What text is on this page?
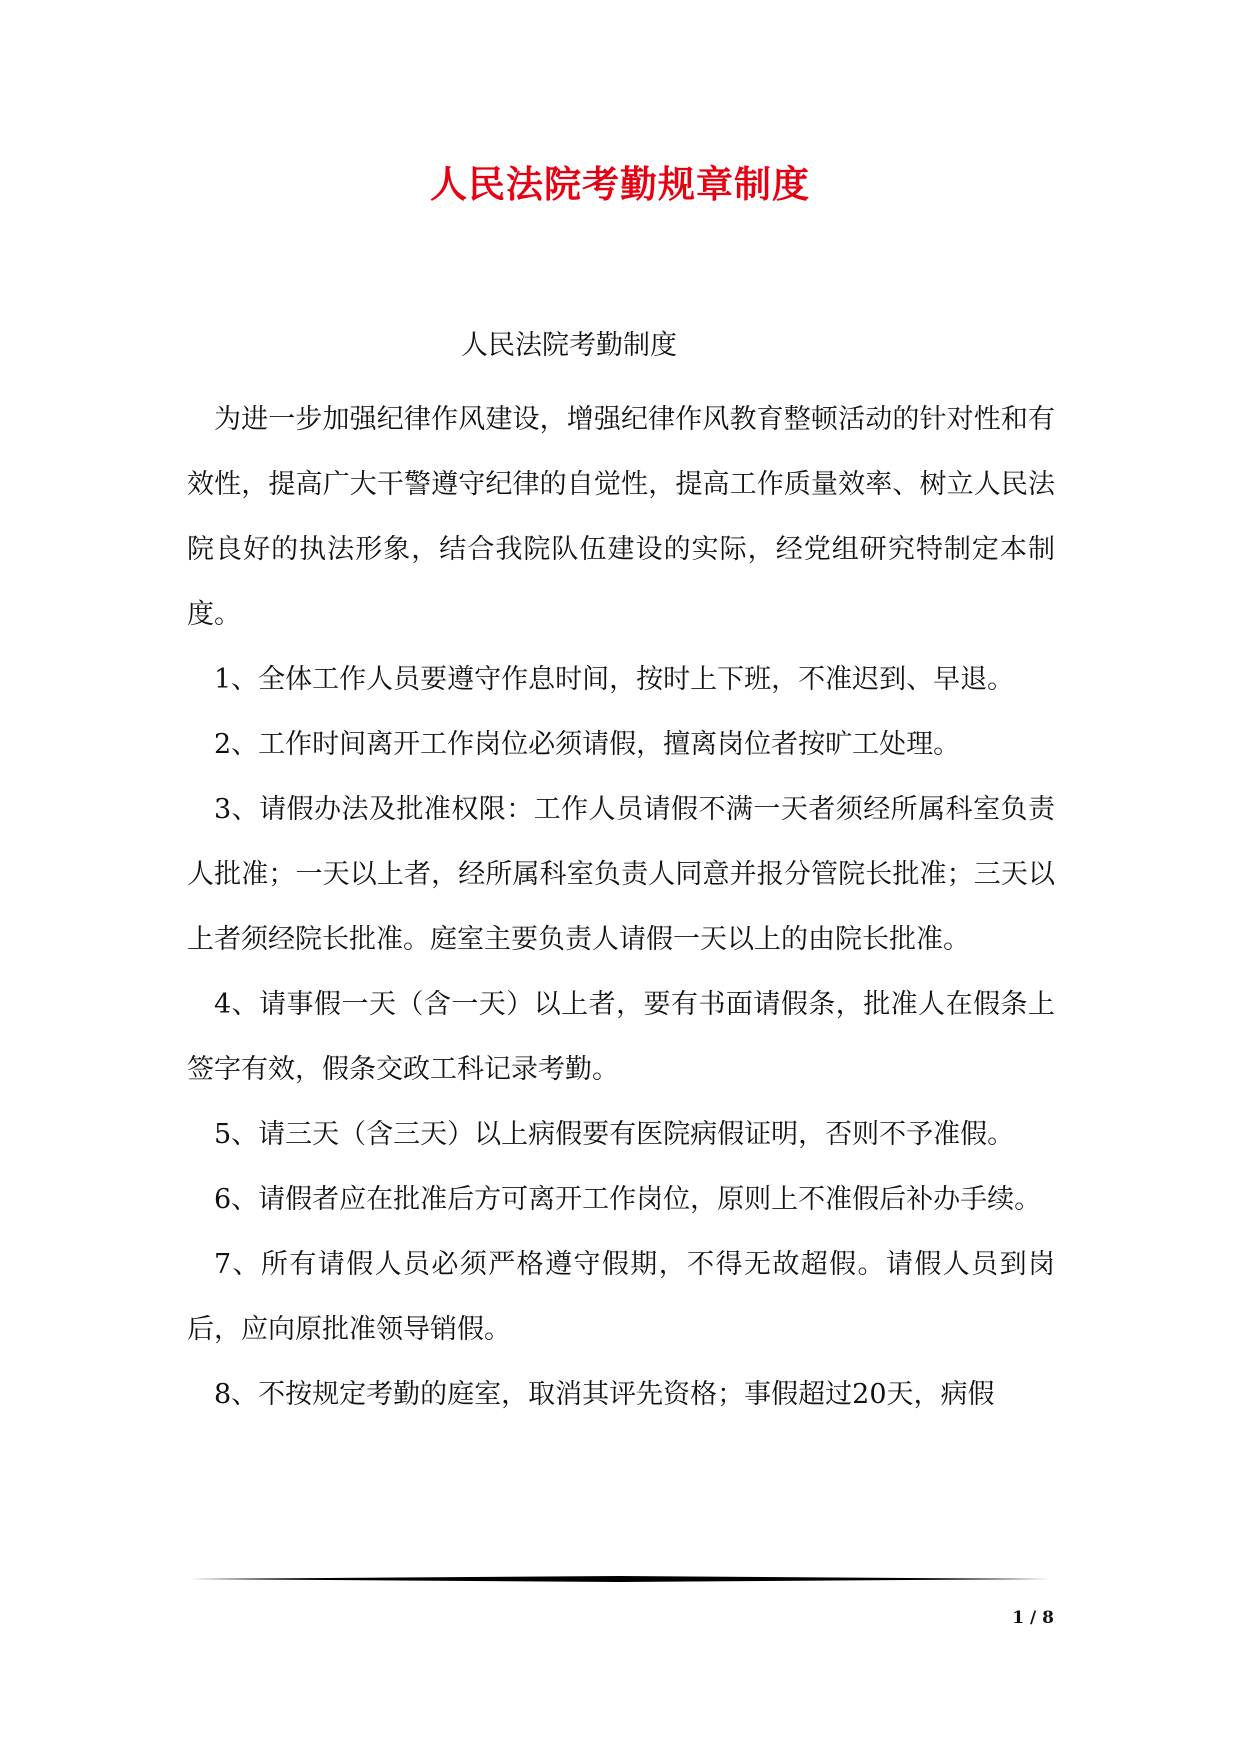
人民法院考勤规章制度

人民法院考勤制度

为进一步加强纪律作风建设，增强纪律作风教育整顿活动的针对性和有效性，提高广大干警遵守纪律的自觉性，提高工作质量效率、树立人民法院良好的执法形象，结合我院队伍建设的实际，经党组研究特制定本制度。

1、全体工作人员要遵守作息时间，按时上下班，不准迟到、早退。

2、工作时间离开工作岗位必须请假，擅离岗位者按旷工处理。

3、请假办法及批准权限：工作人员请假不满一天者须经所属科室负责人批准；一天以上者，经所属科室负责人同意并报分管院长批准；三天以上者须经院长批准。庭室主要负责人请假一天以上的由院长批准。

4、请事假一天（含一天）以上者，要有书面请假条，批准人在假条上签字有效，假条交政工科记录考勤。

5、请三天（含三天）以上病假要有医院病假证明，否则不予准假。

6、请假者应在批准后方可离开工作岗位，原则上不准假后补办手续。

7、所有请假人员必须严格遵守假期，不得无故超假。请假人员到岗后，应向原批准领导销假。

8、不按规定考勤的庭室，取消其评先资格；事假超过20天，病假

1 / 8
